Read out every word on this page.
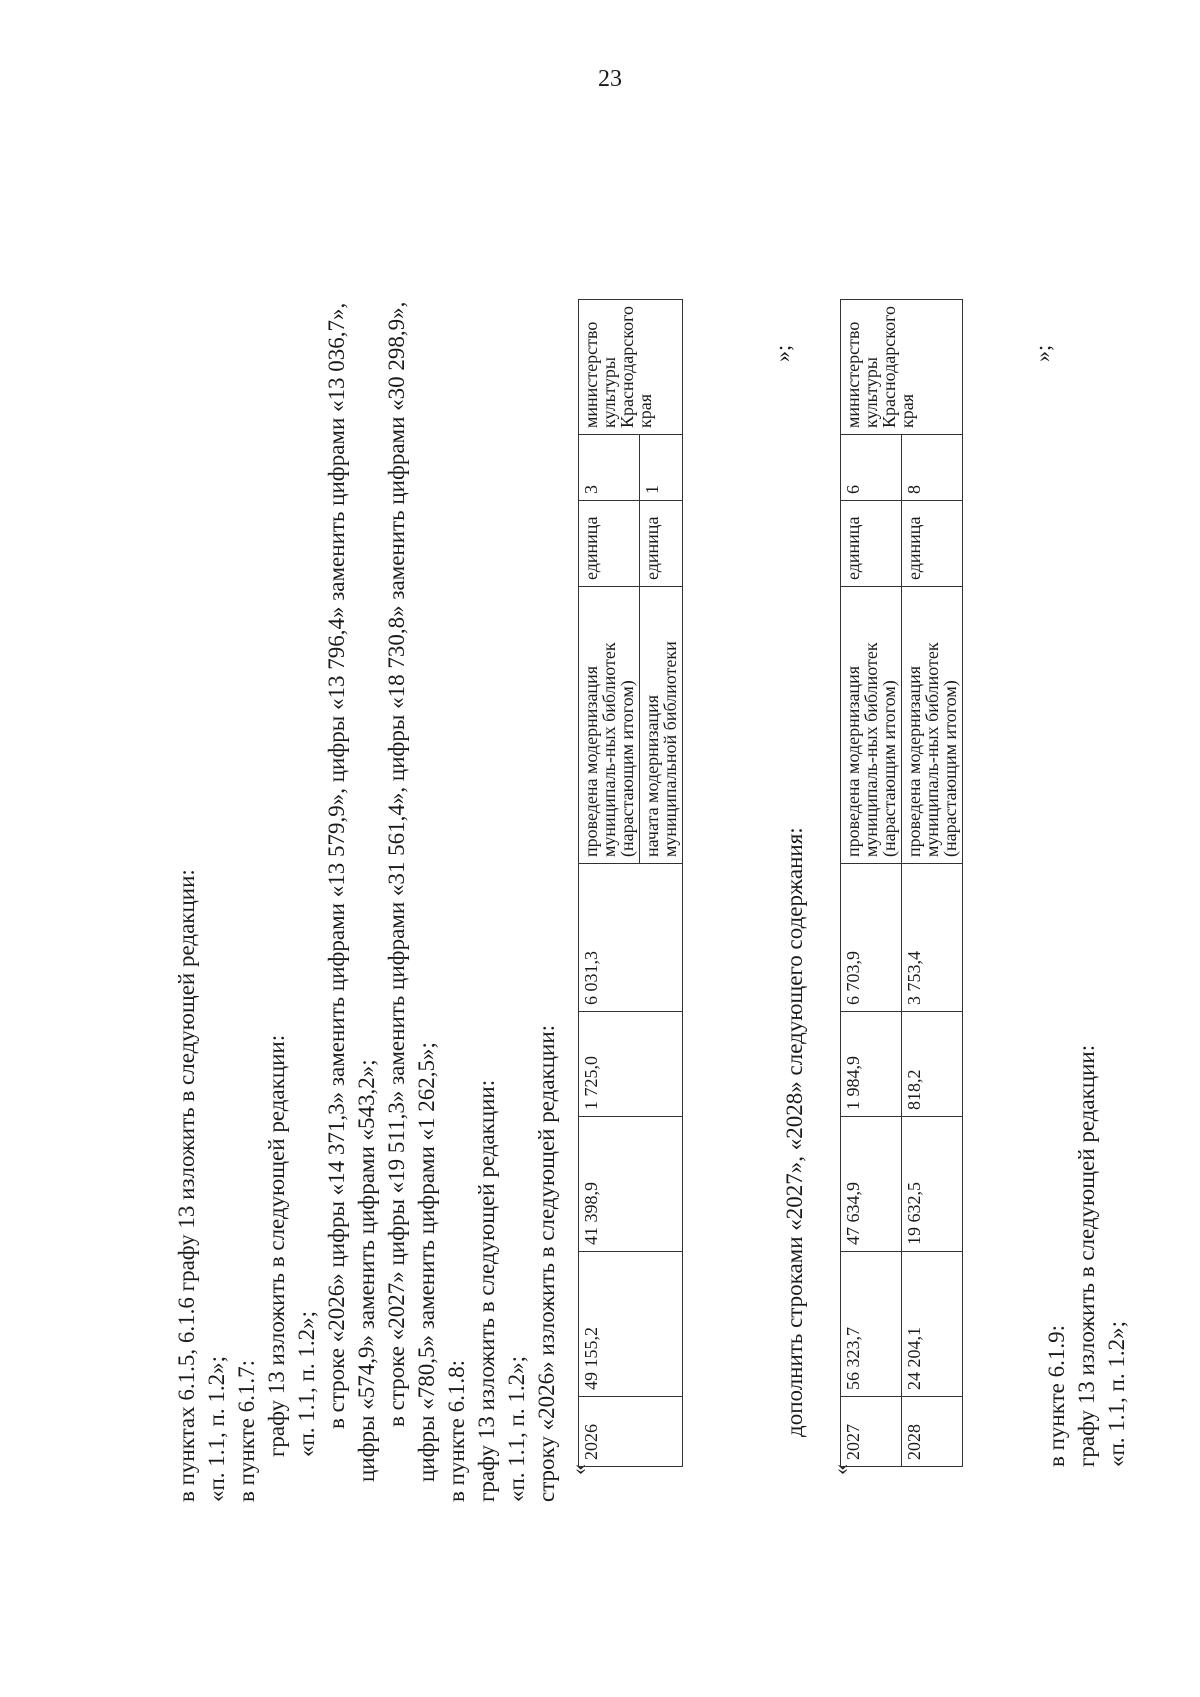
23
в пунктах 6.1.5, 6.1.6 графу 13 изложить в следующей редакции: «п. 1.1, п. 1.2»; в пункте 6.1.7: графу 13 изложить в следующей редакции: «п. 1.1, п. 1.2»; в строке «2026» цифры «14 371,3» заменить цифрами «13 579,9», цифры «13 796,4» заменить цифрами «13 036,7», цифры «574,9» заменить цифрами «543,2»; в строке «2027» цифры «19 511,3» заменить цифрами «31 561,4», цифры «18 730,8» заменить цифрами «30 298,9», цифры «780,5» заменить цифрами «1 262,5»; в пункте 6.1.8: графу 13 изложить в следующей редакции: «п. 1.1, п. 1.2»; строку «2026» изложить в следующей редакции: «
2026	49 155,2	41 398,9	1 725,0	6 031,3	проведена модернизация муниципаль-ных библиотек (нарастающим итогом)	единица	3	министерство культуры Краснодарского края
					начата модернизация муниципальной библиотеки	единица	1	
»;
дополнить строками «2027», «2028» следующего содержания:
«
2027	56 323,7	47 634,9	1 984,9	6 703,9	проведена модернизация муниципаль-ных библиотек (нарастающим итогом)	единица	6	министерство культуры Краснодарского края
2028	24 204,1	19 632,5	818,2	3 753,4	проведена модернизация муниципаль-ных библиотек (нарастающим итогом)	единица	8	
»;
в пункте 6.1.9: графу 13 изложить в следующей редакции: «п. 1.1, п. 1.2»;
